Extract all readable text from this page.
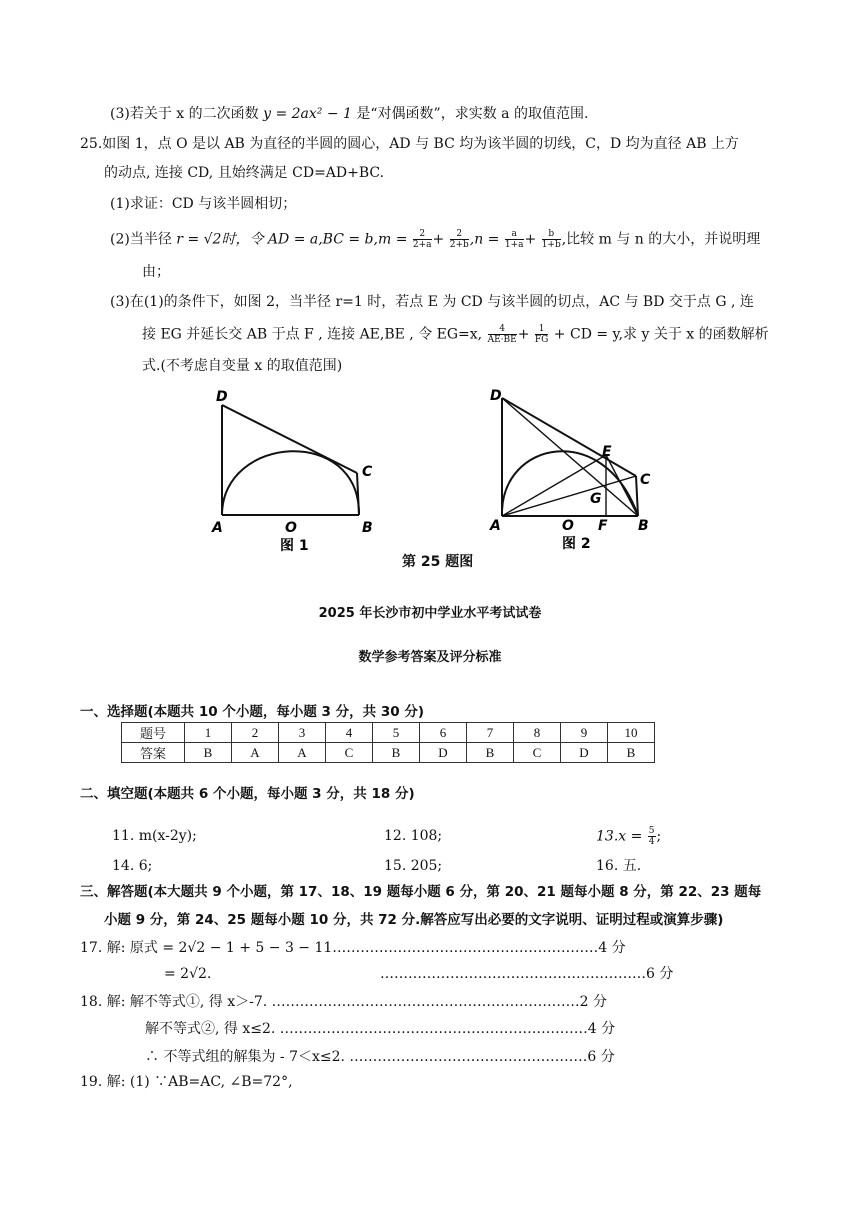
(3)若关于 x 的二次函数 y = 2ax² − 1 是“对偶函数”，求实数 a 的取值范围.
25.如图 1，点 O 是以 AB 为直径的半圆的圆心，AD 与 BC 均为该半圆的切线，C，D 均为直径 AB 上方
的动点, 连接 CD, 且始终满足 CD=AD+BC.
(1)求证：CD 与该半圆相切；
(2)当半径 r = √2时，令 AD = $a,BC = b,m = \frac{2}{2+a} + \frac{2}{2+b} ,n = \frac{a}{1+a} + \frac{b}{1+b}$ ,比较 m 与 n 的大小，并说明理
由；
(3)在(1)的条件下，如图 2，当半径 r=1 时，若点 E 为 CD 与该半圆的切点，AC 与 BD 交于点 G , 连
接 EG 并延长交 AB 于点 F , 连接 AE,BE , 令 EG=x, $\frac{4}{AE\cdot BE} + \frac{1}{FG}$ + CD = y,求 y 关于 x 的函数解析
式.(不考虑自变量 x 的取值范围)
D
C
A	O	B
图 1
D
E
C
G
A	O F B
图 2
第 25 题图
2025 年长沙市初中学业水平考试试卷
数学参考答案及评分标准
一、选择题(本题共 10 个小题，每小题 3 分，共 30 分)
题号	1	2	3	4	5	6	7	8	9	10
答案	B	A	A	C	B	D	B	C	D	B
二、填空题(本题共 6 个小题，每小题 3 分，共 18 分)
11. m(x-2y);	12. 108;	$13.x = \frac{5}{4}$ ;
14. 6;	15. 205;	16. 五.
三、解答题(本大题共 9 个小题，第 17、18、19 题每小题 6 分，第 20、21 题每小题 8 分，第 22、23 题每
小题 9 分，第 24、25 题每小题 10 分，共 72 分.解答应写出必要的文字说明、证明过程或演算步骤)
17. 解: 原式 = 2√2 − 1 + 5 − 3 − 11…………………………………………………4 分
= 2√2.	…………………………………………………6 分
18. 解: 解不等式①, 得 x＞-7. …………………………………………………………2 分
解不等式②, 得 x≤2. …………………………………………………………4 分
∴ 不等式组的解集为 - 7＜x≤2. ……………………………………………6 分
19. 解: (1) ∵AB=AC, ∠B=72°,
